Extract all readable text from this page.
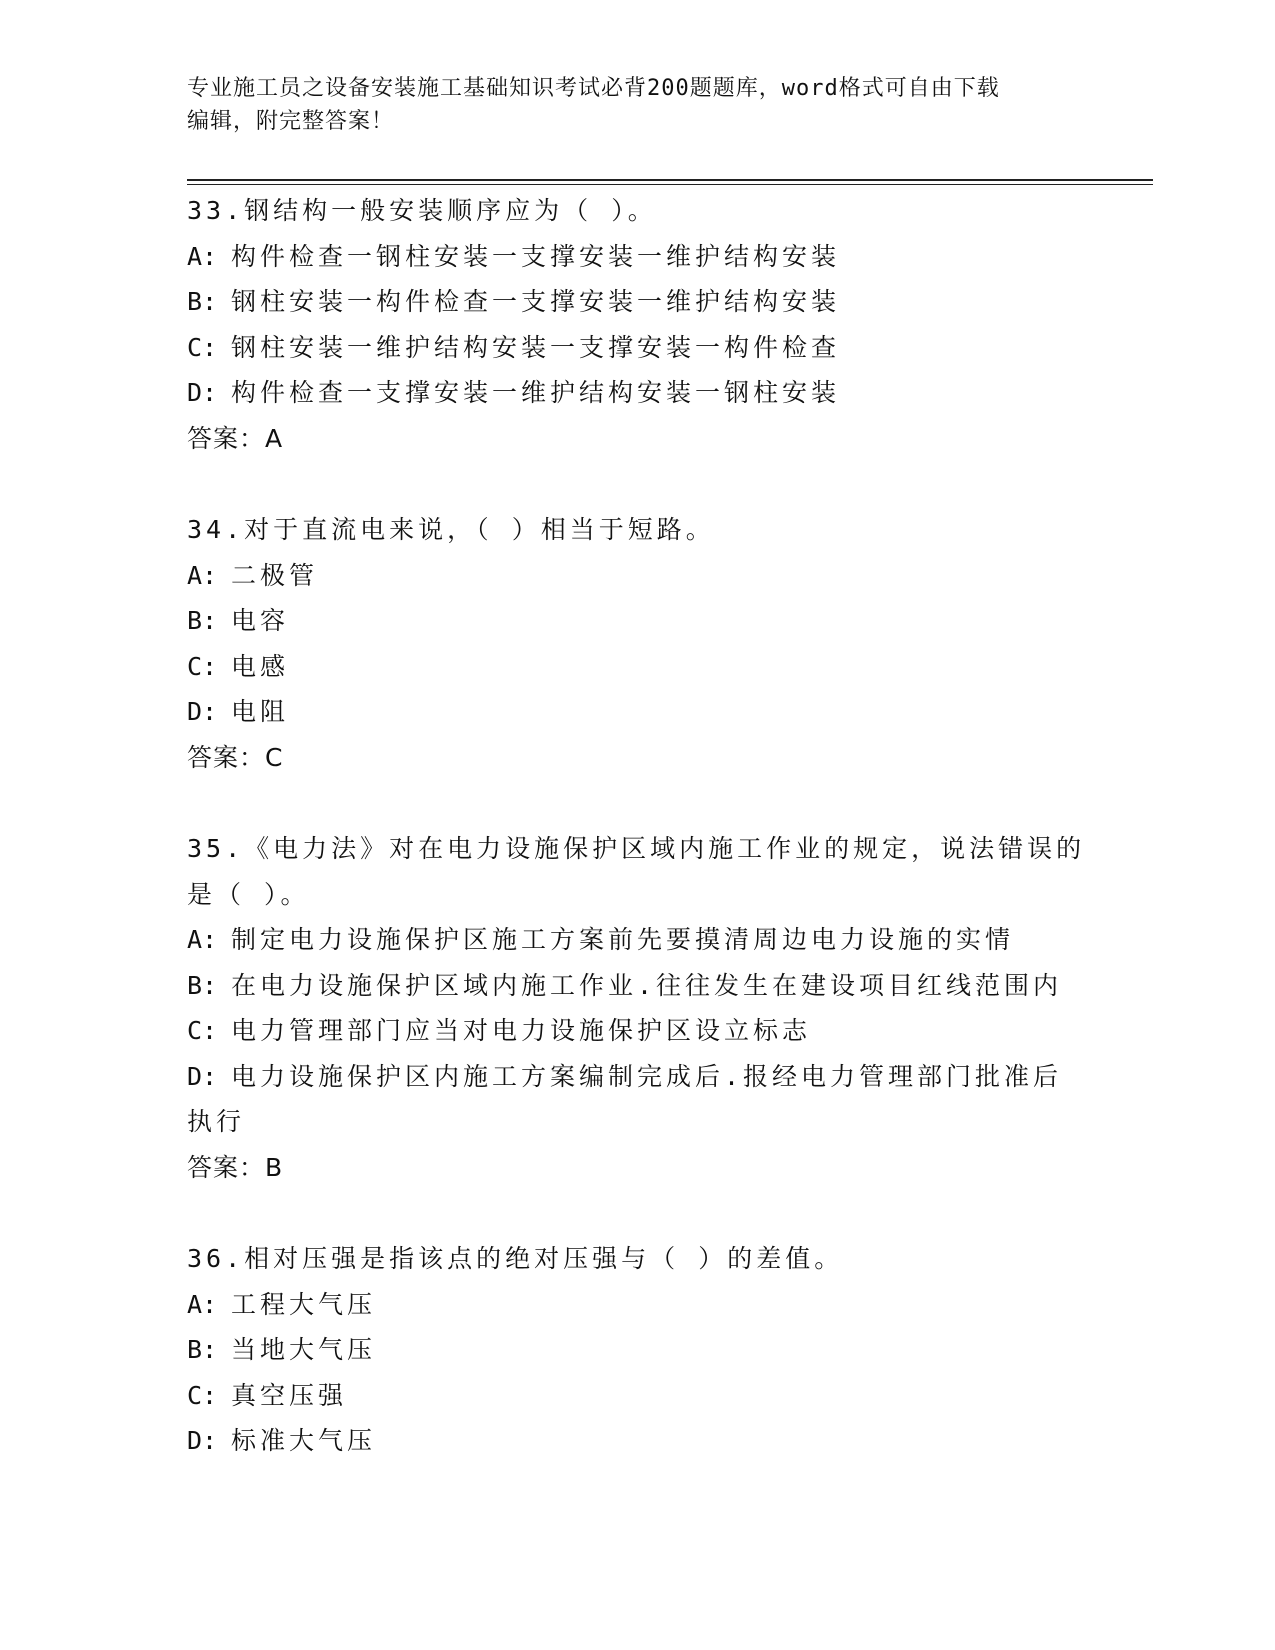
专业施工员之设备安装施工基础知识考试必背200题题库，word格式可自由下载
编辑，附完整答案！
33.钢结构一般安装顺序应为（ ）。
A: 构件检查一钢柱安装一支撑安装一维护结构安装
B: 钢柱安装一构件检查一支撑安装一维护结构安装
C: 钢柱安装一维护结构安装一支撑安装一构件检查
D: 构件检查一支撑安装一维护结构安装一钢柱安装
答案：A
34.对于直流电来说，（ ）相当于短路。
A: 二极管
B: 电容
C: 电感
D: 电阻
答案：C
35.《电力法》对在电力设施保护区域内施工作业的规定，说法错误的是（ ）。
A: 制定电力设施保护区施工方案前先要摸清周边电力设施的实情
B: 在电力设施保护区域内施工作业.往往发生在建设项目红线范围内
C: 电力管理部门应当对电力设施保护区设立标志
D: 电力设施保护区内施工方案编制完成后.报经电力管理部门批准后执行
答案：B
36.相对压强是指该点的绝对压强与（ ）的差值。
A: 工程大气压
B: 当地大气压
C: 真空压强
D: 标准大气压
